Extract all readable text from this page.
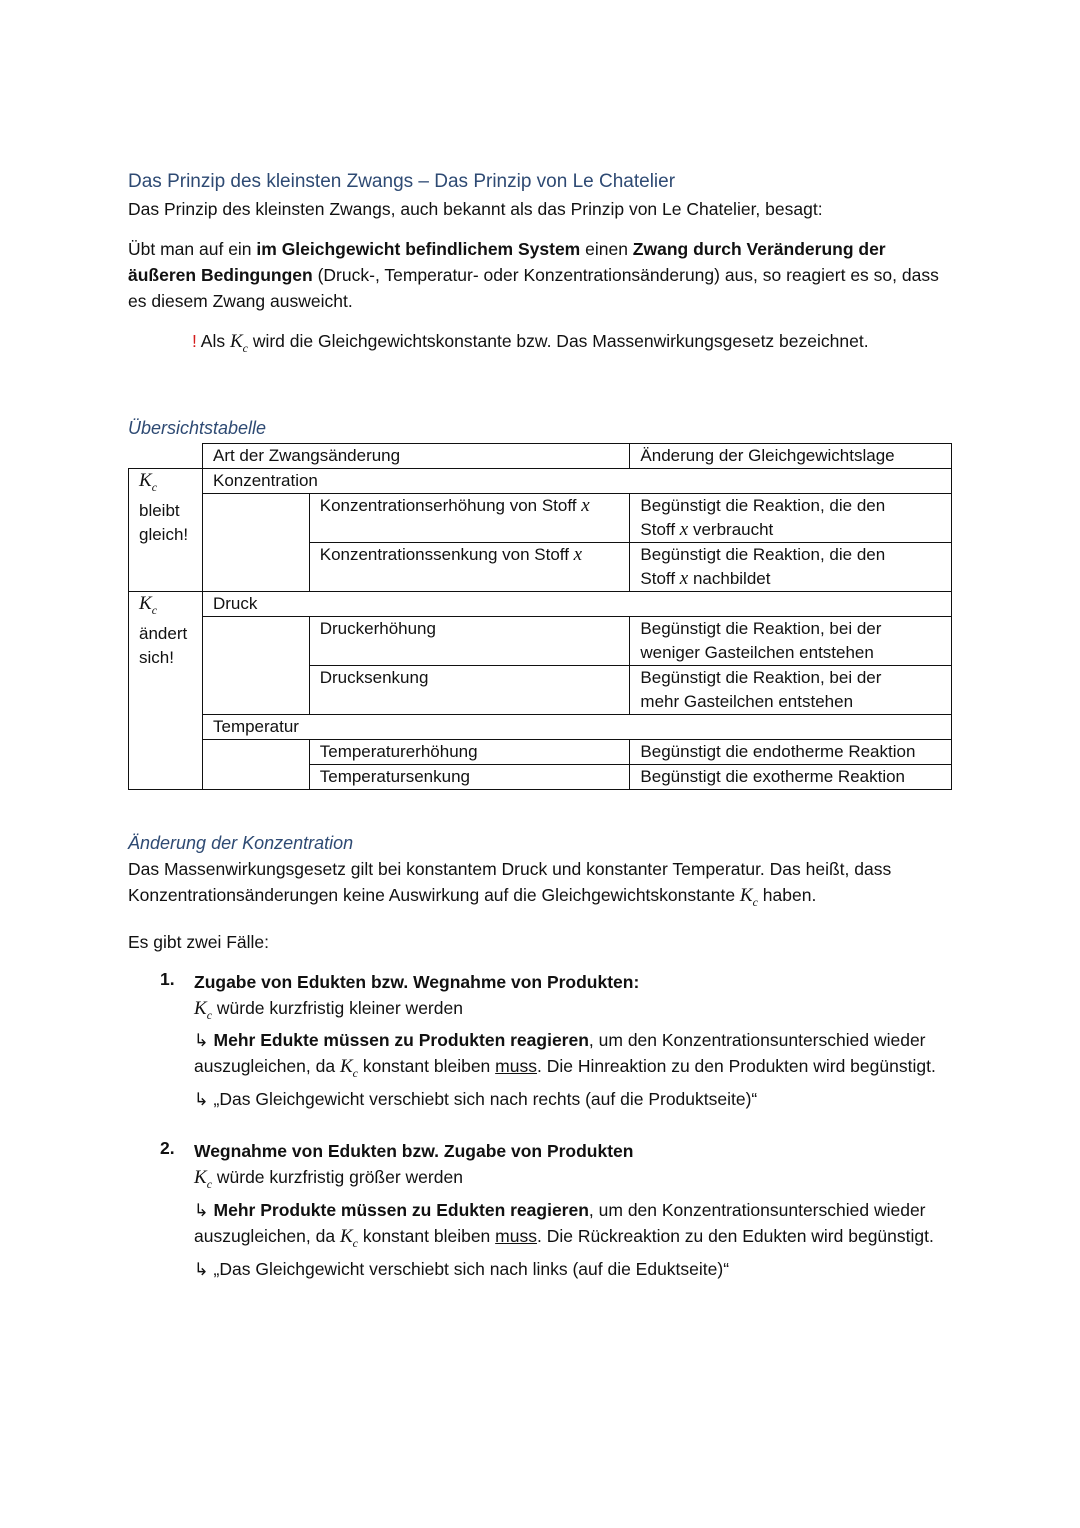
Das Prinzip des kleinsten Zwangs – Das Prinzip von Le Chatelier
Das Prinzip des kleinsten Zwangs, auch bekannt als das Prinzip von Le Chatelier, besagt:
Übt man auf ein im Gleichgewicht befindlichem System einen Zwang durch Veränderung der äußeren Bedingungen (Druck-, Temperatur- oder Konzentrationsänderung) aus, so reagiert es so, dass es diesem Zwang ausweicht.
! Als $K_c$ wird die Gleichgewichtskonstante bzw. Das Massenwirkungsgesetz bezeichnet.
Übersichtstabelle
	Art der Zwangsänderung		Änderung der Gleichgewichtslage
$K_c$
bleibt
gleich!	Konzentration		
		Konzentrationserhöhung von Stoff x	Begünstigt die Reaktion, die den
Stoff x verbraucht
		Konzentrationssenkung von Stoff x	Begünstigt die Reaktion, die den
Stoff x nachbildet
$K_c$
ändert
sich!	Druck		
		Druckerhöhung	Begünstigt die Reaktion, bei der
weniger Gasteilchen entstehen
		Drucksenkung	Begünstigt die Reaktion, bei der
mehr Gasteilchen entstehen
	Temperatur		
		Temperaturerhöhung	Begünstigt die endotherme Reaktion
		Temperatursenkung	Begünstigt die exotherme Reaktion
Änderung der Konzentration
Das Massenwirkungsgesetz gilt bei konstantem Druck und konstanter Temperatur. Das heißt, dass Konzentrationsänderungen keine Auswirkung auf die Gleichgewichtskonstante $K_c$ haben.
Es gibt zwei Fälle:
1.	Zugabe von Edukten bzw. Wegnahme von Produkten:
$K_c$ würde kurzfristig kleiner werden
↳ Mehr Edukte müssen zu Produkten reagieren, um den Konzentrationsunterschied wieder auszugleichen, da $K_c$ konstant bleiben muss. Die Hinreaktion zu den Produkten wird begünstigt.
↳ „Das Gleichgewicht verschiebt sich nach rechts (auf die Produktseite)“
2.	Wegnahme von Edukten bzw. Zugabe von Produkten
$K_c$ würde kurzfristig größer werden
↳ Mehr Produkte müssen zu Edukten reagieren, um den Konzentrationsunterschied wieder auszugleichen, da $K_c$ konstant bleiben muss. Die Rückreaktion zu den Edukten wird begünstigt.
↳ „Das Gleichgewicht verschiebt sich nach links (auf die Eduktseite)“
